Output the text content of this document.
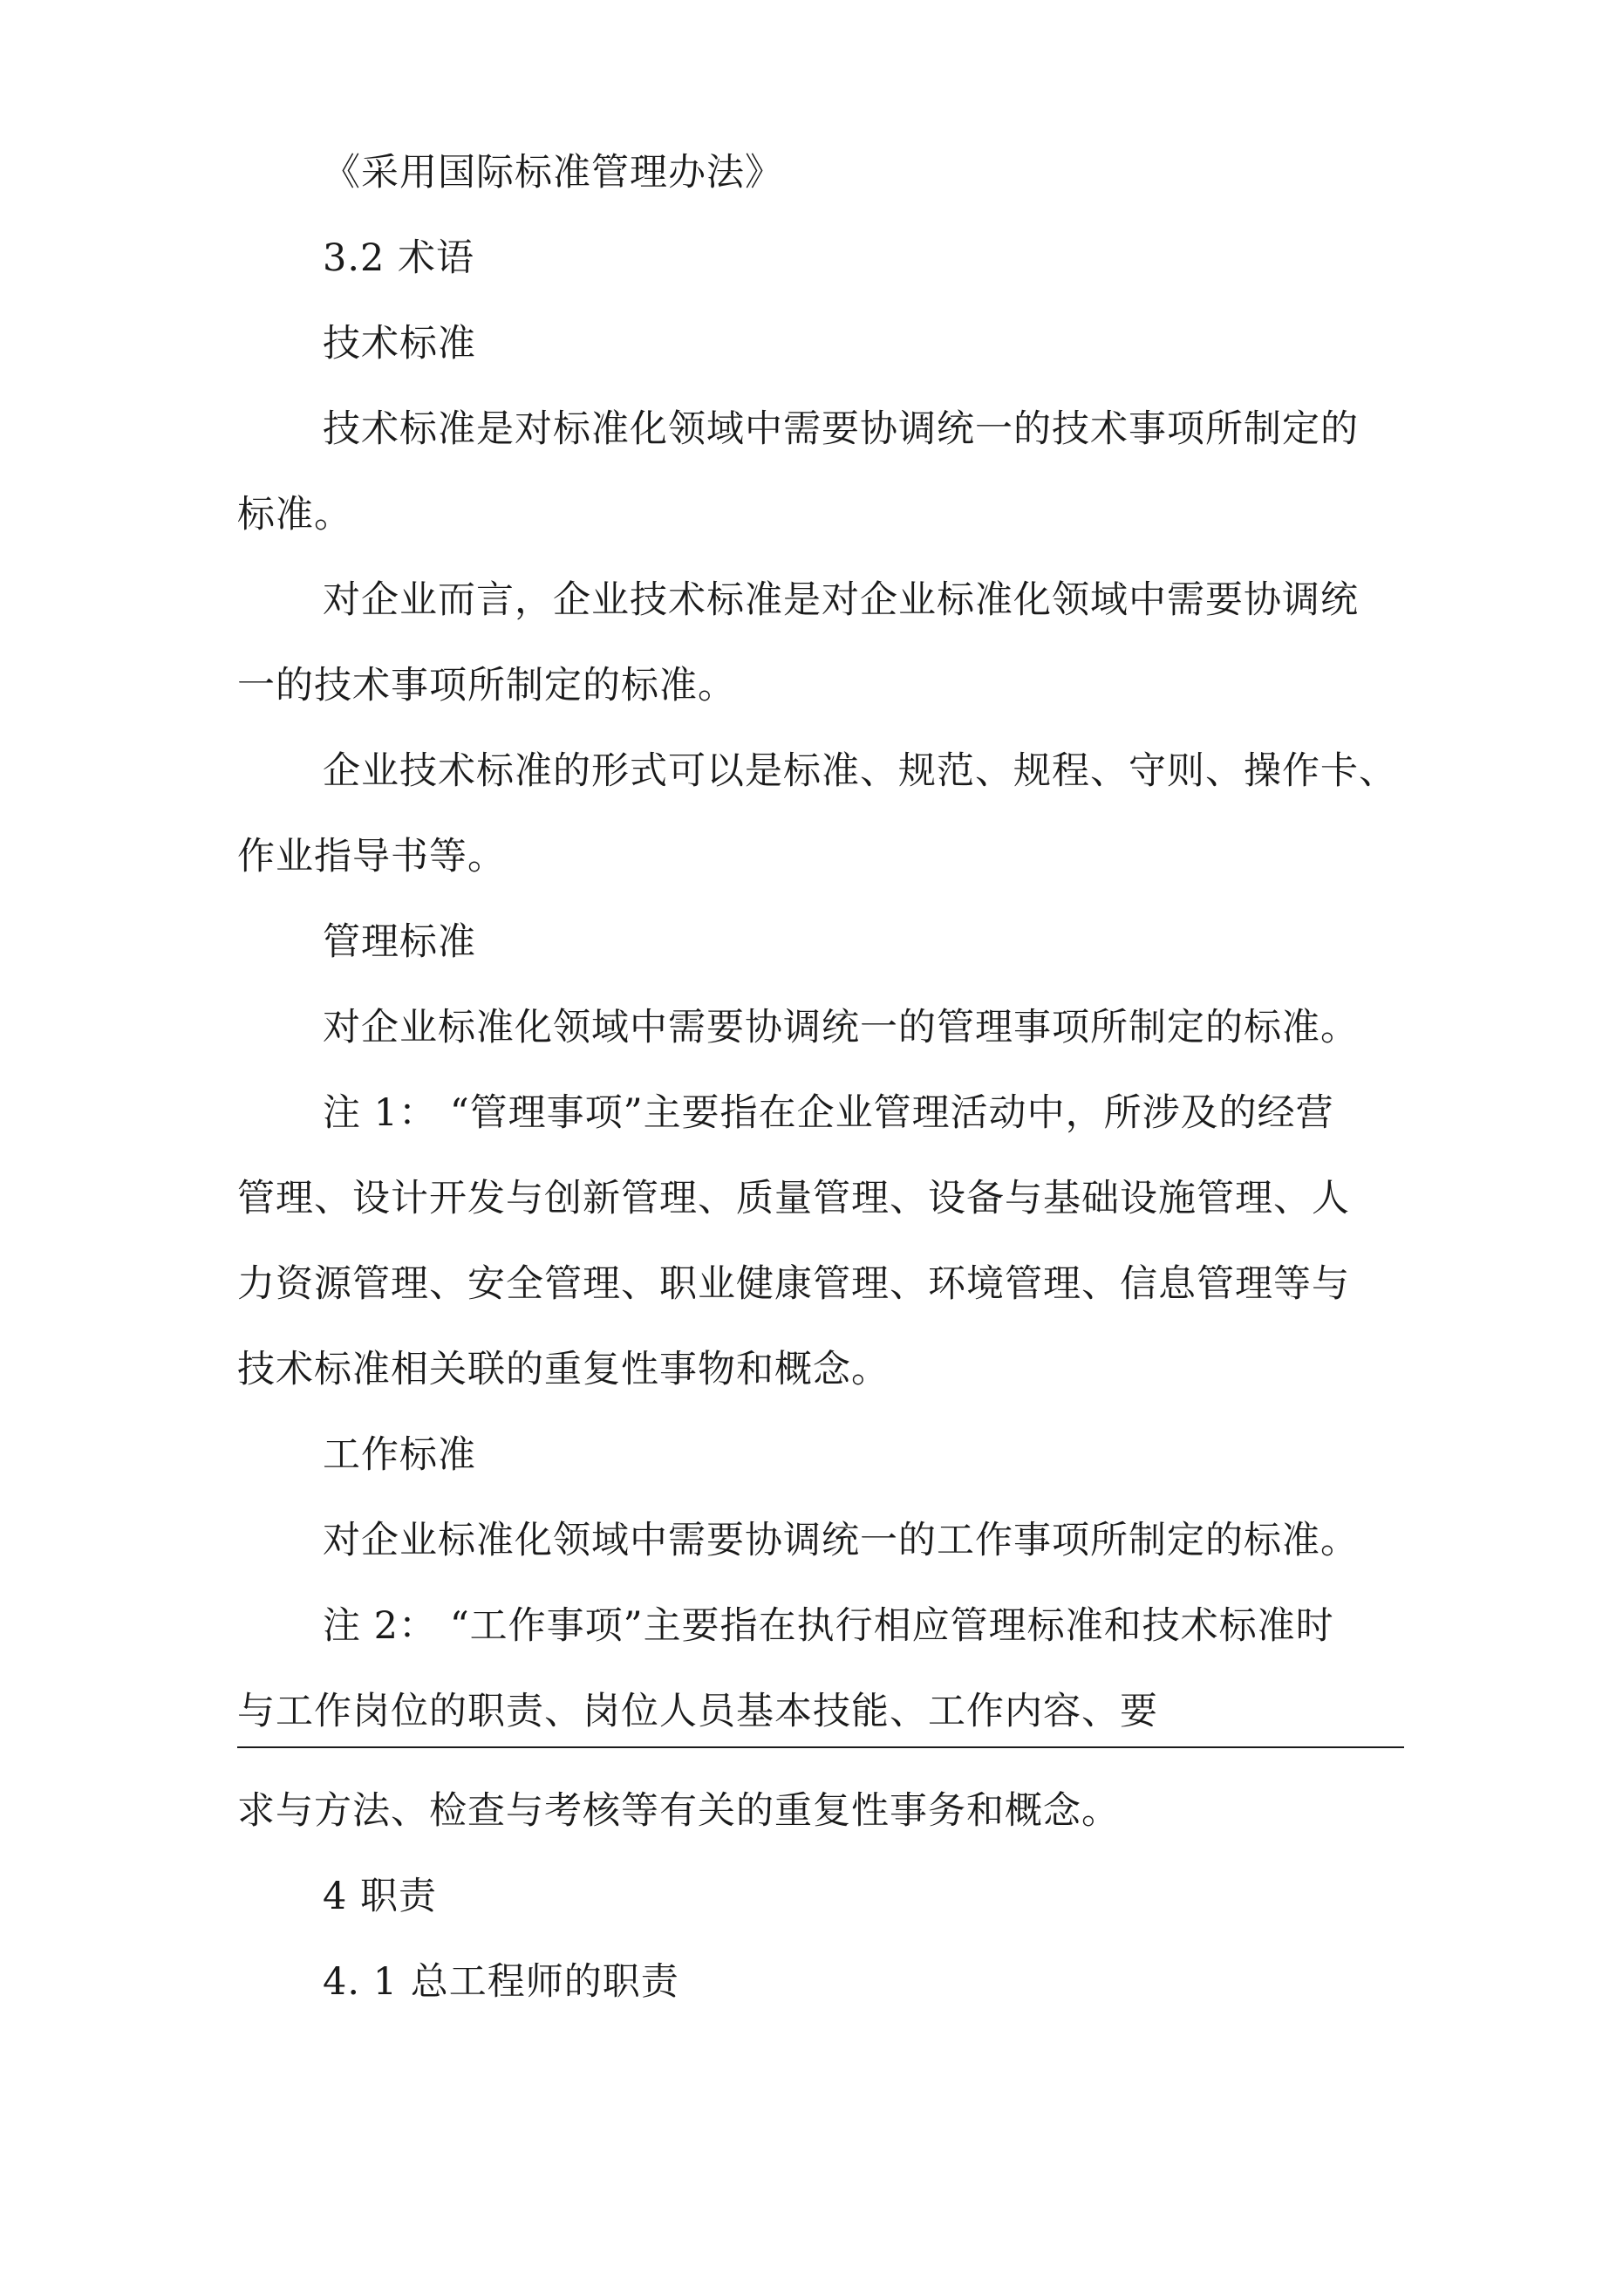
《采用国际标准管理办法》
3.2 术语
技术标准
技术标准是对标准化领域中需要协调统一的技术事项所制定的
标准。
对企业而言，企业技术标准是对企业标准化领域中需要协调统
一的技术事项所制定的标准。
企业技术标准的形式可以是标准、规范、规程、守则、操作卡、
作业指导书等。
管理标准
对企业标准化领域中需要协调统一的管理事项所制定的标准。
注 1： “管理事项”主要指在企业管理活动中，所涉及的经营
管理、设计开发与创新管理、质量管理、设备与基础设施管理、人
力资源管理、安全管理、职业健康管理、环境管理、信息管理等与
技术标准相关联的重复性事物和概念。
工作标准
对企业标准化领域中需要协调统一的工作事项所制定的标准。
注 2： “工作事项”主要指在执行相应管理标准和技术标准时
与工作岗位的职责、岗位人员基本技能、工作内容、要
求与方法、检查与考核等有关的重复性事务和概念。
4 职责
4. 1 总工程师的职责
